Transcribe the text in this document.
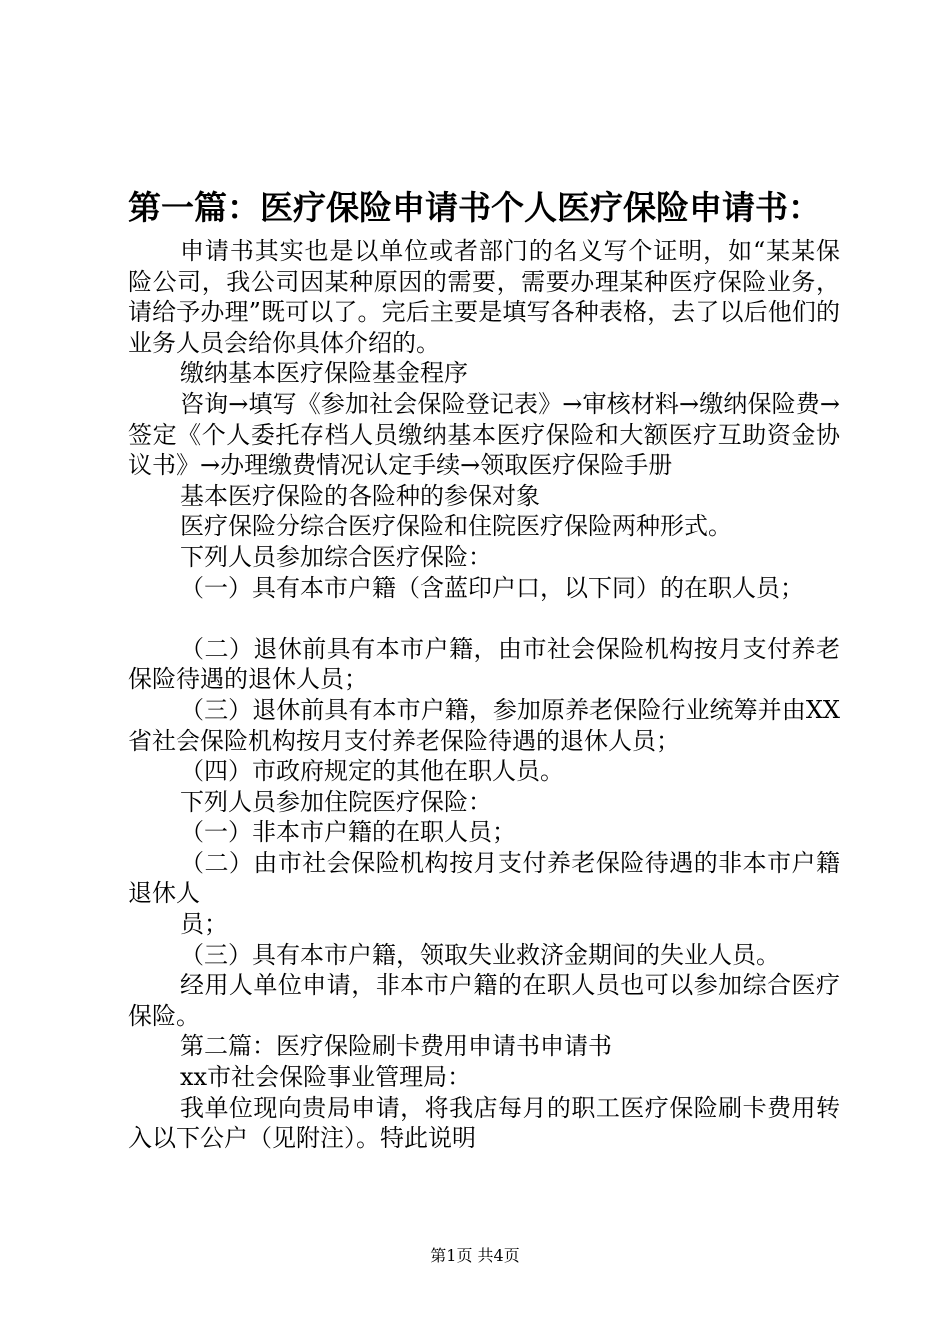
第一篇：医疗保险申请书个人医疗保险申请书：

申请书其实也是以单位或者部门的名义写个证明，如“某某保险公司，我公司因某种原因的需要，需要办理某种医疗保险业务，请给予办理”既可以了。完后主要是填写各种表格，去了以后他们的业务人员会给你具体介绍的。

缴纳基本医疗保险基金程序

咨询→填写《参加社会保险登记表》→审核材料→缴纳保险费→签定《个人委托存档人员缴纳基本医疗保险和大额医疗互助资金协议书》→办理缴费情况认定手续→领取医疗保险手册

基本医疗保险的各险种的参保对象

医疗保险分综合医疗保险和住院医疗保险两种形式。

下列人员参加综合医疗保险：

（一）具有本市户籍（含蓝印户口，以下同）的在职人员；

（二）退休前具有本市户籍，由市社会保险机构按月支付养老保险待遇的退休人员；

（三）退休前具有本市户籍，参加原养老保险行业统筹并由XX省社会保险机构按月支付养老保险待遇的退休人员；

（四）市政府规定的其他在职人员。

下列人员参加住院医疗保险：

（一）非本市户籍的在职人员；

（二）由市社会保险机构按月支付养老保险待遇的非本市户籍退休人

员；

（三）具有本市户籍，领取失业救济金期间的失业人员。

经用人单位申请，非本市户籍的在职人员也可以参加综合医疗保险。

第二篇：医疗保险刷卡费用申请书申请书

xx市社会保险事业管理局：

我单位现向贵局申请，将我店每月的职工医疗保险刷卡费用转入以下公户（见附注）。特此说明

第1页 共4页
